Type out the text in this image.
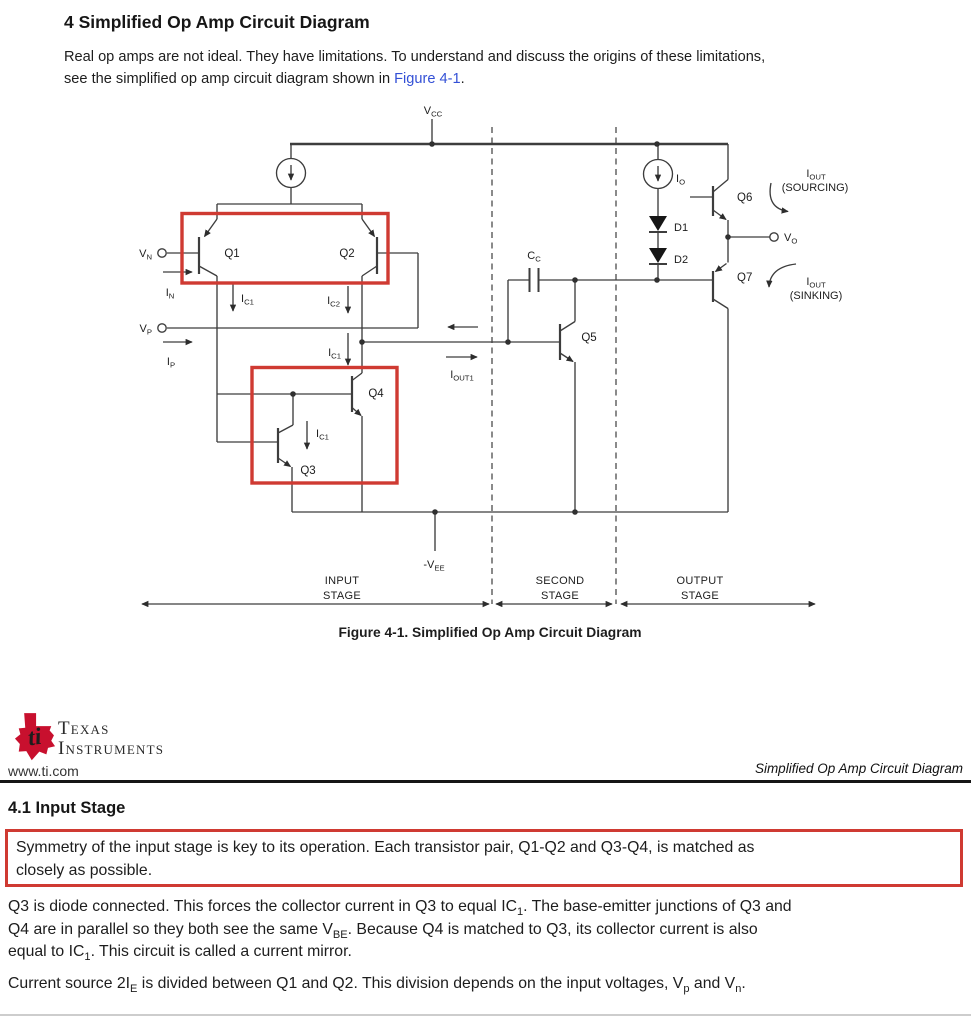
4 Simplified Op Amp Circuit Diagram
Real op amps are not ideal. They have limitations. To understand and discuss the origins of these limitations,
see the simplified op amp circuit diagram shown in Figure 4-1.
$V_{CC}$
$V_N$
$I_N$
$V_P$
$I_P$
$I_{C1}$	$I_{C2}$
$I_{C1}$
$I_{C1}$
$I_{OUT1}$
$C_C$
$I_O$
$V_O$
$-V_{EE}$
Q1	Q2
Q3
Q4
Q5
Q6
Q7
D1
D2
$I_{OUT}$
(SOURCING)
$I_{OUT}$
(SINKING)
INPUT
STAGE
SECOND
STAGE
OUTPUT
STAGE
Figure 4-1. Simplified Op Amp Circuit Diagram
ti Texas
Instruments
www.ti.com	Simplified Op Amp Circuit Diagram
4.1 Input Stage
Symmetry of the input stage is key to its operation. Each transistor pair, Q1-Q2 and Q3-Q4, is matched as
closely as possible.
Q3 is diode connected. This forces the collector current in Q3 to equal $IC_1$. The base-emitter junctions of Q3 and
Q4 are in parallel so they both see the same $V_{BE}$. Because Q4 is matched to Q3, its collector current is also
equal to $IC_1$. This circuit is called a current mirror.
Current source $2I_E$ is divided between Q1 and Q2. This division depends on the input voltages, $V_p$ and $V_n$.
